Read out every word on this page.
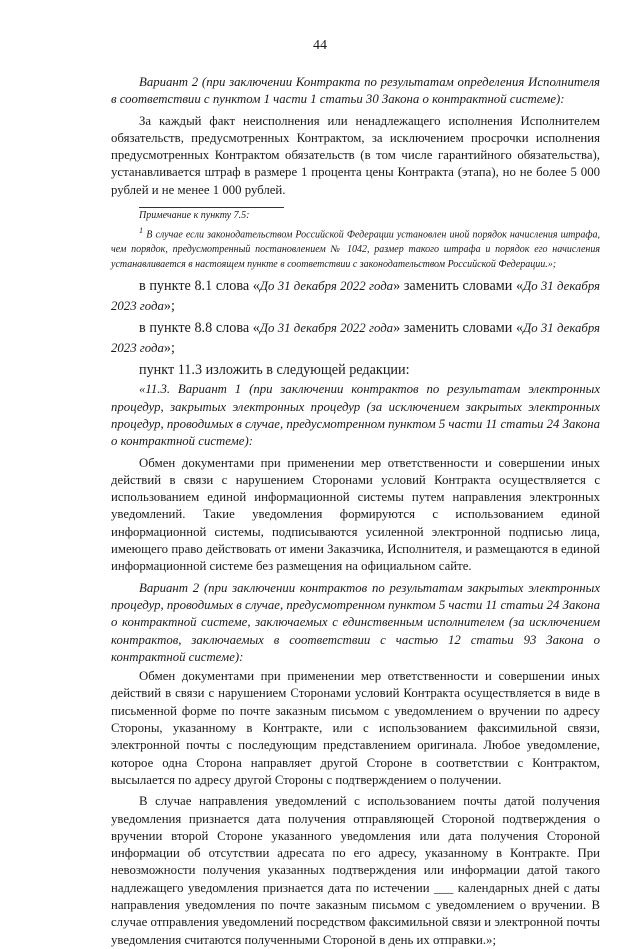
44

Вариант 2 (при заключении Контракта по результатам определения Исполнителя в соответствии с пунктом 1 части 1 статьи 30 Закона о контрактной системе):

За каждый факт неисполнения или ненадлежащего исполнения Исполнителем обязательств, предусмотренных Контрактом, за исключением просрочки исполнения предусмотренных Контрактом обязательств (в том числе гарантийного обязательства), устанавливается штраф в размере 1 процента цены Контракта (этапа), но не более 5 000 рублей и не менее 1 000 рублей.

Примечание к пункту 7.5:

$^1$ В случае если законодательством Российской Федерации установлен иной порядок начисления штрафа, чем порядок, предусмотренный постановлением № 1042, размер такого штрафа и порядок его начисления устанавливается в настоящем пункте в соответствии с законодательством Российской Федерации.»;

в пункте 8.1 слова «До 31 декабря 2022 года» заменить словами «До 31 декабря 2023 года»;

в пункте 8.8 слова «До 31 декабря 2022 года» заменить словами «До 31 декабря 2023 года»;

пункт 11.3 изложить в следующей редакции:

«11.3. Вариант 1 (при заключении контрактов по результатам электронных процедур, закрытых электронных процедур (за исключением закрытых электронных процедур, проводимых в случае, предусмотренном пунктом 5 части 11 статьи 24 Закона о контрактной системе):

Обмен документами при применении мер ответственности и совершении иных действий в связи с нарушением Сторонами условий Контракта осуществляется с использованием единой информационной системы путем направления электронных уведомлений. Такие уведомления формируются с использованием единой информационной системы, подписываются усиленной электронной подписью лица, имеющего право действовать от имени Заказчика, Исполнителя, и размещаются в единой информационной системе без размещения на официальном сайте.

Вариант 2 (при заключении контрактов по результатам закрытых электронных процедур, проводимых в случае, предусмотренном пунктом 5 части 11 статьи 24 Закона о контрактной системе, заключаемых с единственным исполнителем (за исключением контрактов, заключаемых в соответствии с частью 12 статьи 93 Закона о контрактной системе):

Обмен документами при применении мер ответственности и совершении иных действий в связи с нарушением Сторонами условий Контракта осуществляется в виде в письменной форме по почте заказным письмом с уведомлением о вручении по адресу Стороны, указанному в Контракте, или с использованием факсимильной связи, электронной почты с последующим представлением оригинала. Любое уведомление, которое одна Сторона направляет другой Стороне в соответствии с Контрактом, высылается по адресу другой Стороны с подтверждением о получении.

В случае направления уведомлений с использованием почты датой получения уведомления признается дата получения отправляющей Стороной подтверждения о вручении второй Стороне указанного уведомления или дата получения Стороной информации об отсутствии адресата по его адресу, указанному в Контракте. При невозможности получения указанных подтверждения или информации датой такого надлежащего уведомления признается дата по истечении ___ календарных дней с даты направления уведомления по почте заказным письмом с уведомлением о вручении. В случае отправления уведомлений посредством факсимильной связи и электронной почты уведомления считаются полученными Стороной в день их отправки.»;
